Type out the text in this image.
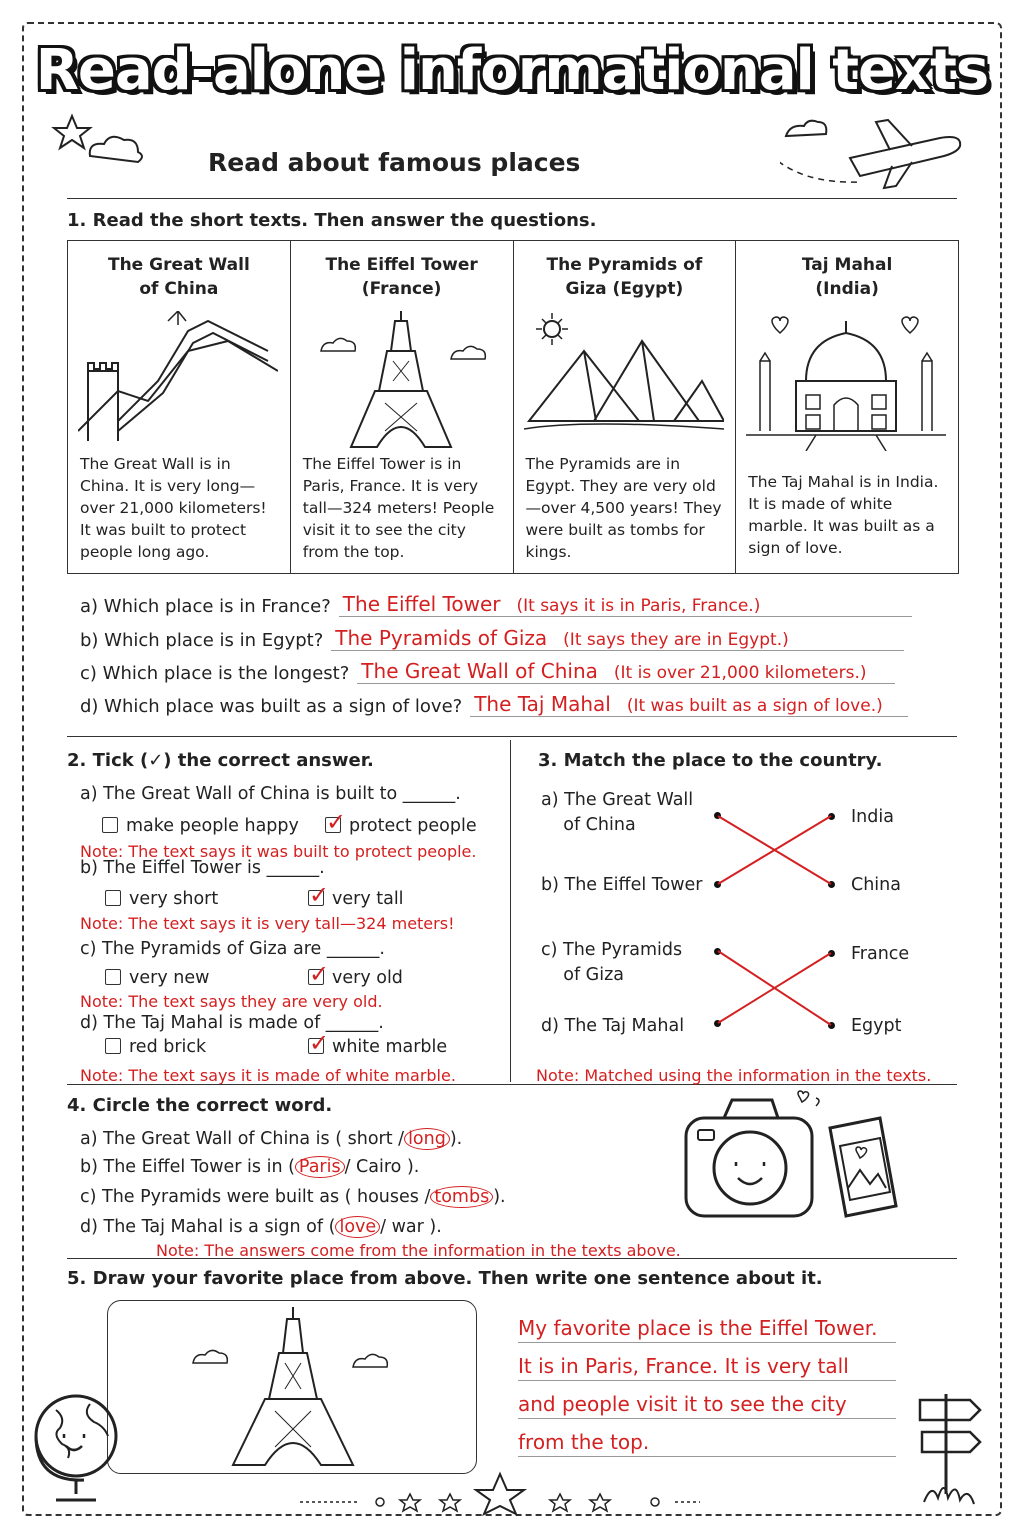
Read-alone informational texts
Read about famous places
1. Read the short texts. Then answer the questions.
The Great Wall
of China
The Great Wall is in China. It is very long—over 21,000 kilometers! It was built to protect people long ago.
The Eiffel Tower
(France)
The Eiffel Tower is in Paris, France. It is very tall—324 meters! People visit it to see the city from the top.
The Pyramids of
Giza (Egypt)
The Pyramids are in Egypt. They are very old—over 4,500 years! They were built as tombs for kings.
Taj Mahal
(India)
The Taj Mahal is in India. It is made of white marble. It was built as a sign of love.
a) Which place is in France? The Eiffel Tower (It says it is in Paris, France.)
b) Which place is in Egypt? The Pyramids of Giza (It says they are in Egypt.)
c) Which place is the longest? The Great Wall of China (It is over 21,000 kilometers.)
d) Which place was built as a sign of love? The Taj Mahal (It was built as a sign of love.)
2. Tick (✓) the correct answer.
a) The Great Wall of China is built to ______.
make people happy ✓ protect people
Note: The text says it was built to protect people.
b) The Eiffel Tower is ______.
very short	✓ very tall
Note: The text says it is very tall—324 meters!
c) The Pyramids of Giza are ______.
very new	✓ very old
Note: The text says they are very old.
d) The Taj Mahal is made of ______.
red brick	✓ white marble
Note: The text says it is made of white marble.
3. Match the place to the country.
a) The Great Wall
of China
b) The Eiffel Tower
c) The Pyramids
of Giza
d) The Taj Mahal
India
China
France
Egypt
Note: Matched using the information in the texts.
4. Circle the correct word.
a) The Great Wall of China is ( short / long ).
b) The Eiffel Tower is in ( Paris / Cairo ).
c) The Pyramids were built as ( houses / tombs ).
d) The Taj Mahal is a sign of ( love / war ).
Note: The answers come from the information in the texts above.
5. Draw your favorite place from above. Then write one sentence about it.
My favorite place is the Eiffel Tower.
It is in Paris, France. It is very tall
and people visit it to see the city
from the top.
